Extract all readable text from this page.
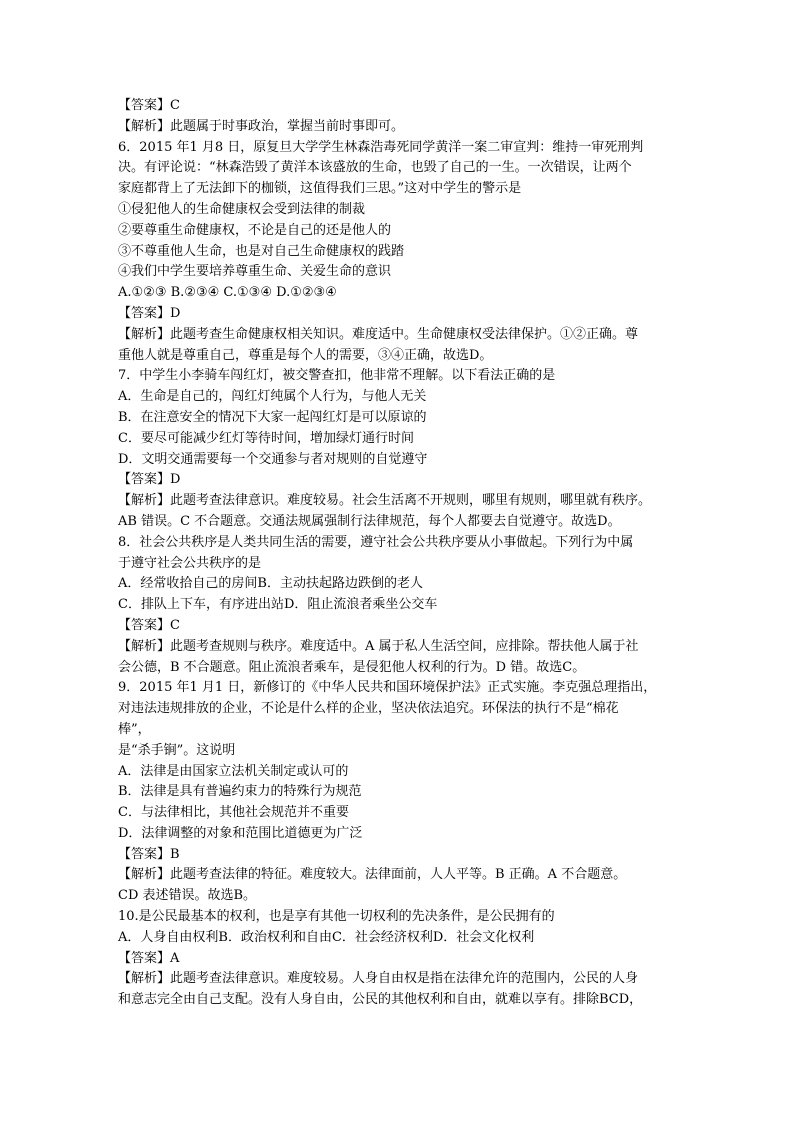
【答案】C
【解析】此题属于时事政治，掌握当前时事即可。
6．2015 年1 月8 日，原复旦大学学生林森浩毒死同学黄洋一案二审宣判：维持一审死刑判
决。有评论说：“林森浩毁了黄洋本该盛放的生命，也毁了自己的一生。一次错误，让两个
家庭都背上了无法卸下的枷锁，这值得我们三思。”这对中学生的警示是
①侵犯他人的生命健康权会受到法律的制裁
②要尊重生命健康权，不论是自己的还是他人的
③不尊重他人生命，也是对自己生命健康权的践踏
④我们中学生要培养尊重生命、关爱生命的意识
A.①②③ B.②③④ C.①③④ D.①②③④
【答案】D
【解析】此题考查生命健康权相关知识。难度适中。生命健康权受法律保护。①②正确。尊
重他人就是尊重自己，尊重是每个人的需要，③④正确，故选D。
7．中学生小李骑车闯红灯，被交警查扣，他非常不理解。以下看法正确的是
A．生命是自己的，闯红灯纯属个人行为，与他人无关
B．在注意安全的情况下大家一起闯红灯是可以原谅的
C．要尽可能减少红灯等待时间，增加绿灯通行时间
D．文明交通需要每一个交通参与者对规则的自觉遵守
【答案】D
【解析】此题考查法律意识。难度较易。社会生活离不开规则，哪里有规则，哪里就有秩序。
AB 错误。C 不合题意。交通法规属强制行法律规范，每个人都要去自觉遵守。故选D。
8．社会公共秩序是人类共同生活的需要，遵守社会公共秩序要从小事做起。下列行为中属
于遵守社会公共秩序的是
A．经常收拾自己的房间B．主动扶起路边跌倒的老人
C．排队上下车，有序进出站D．阻止流浪者乘坐公交车
【答案】C
【解析】此题考查规则与秩序。难度适中。A 属于私人生活空间，应排除。帮扶他人属于社
会公德，B 不合题意。阻止流浪者乘车，是侵犯他人权利的行为。D 错。故选C。
9．2015 年1 月1 日，新修订的《中华人民共和国环境保护法》正式实施。李克强总理指出，
对违法违规排放的企业，不论是什么样的企业，坚决依法追究。环保法的执行不是“棉花
棒”，
是“杀手锏”。这说明
A．法律是由国家立法机关制定或认可的
B．法律是具有普遍约束力的特殊行为规范
C．与法律相比，其他社会规范并不重要
D．法律调整的对象和范围比道德更为广泛
【答案】B
【解析】此题考查法律的特征。难度较大。法律面前，人人平等。B 正确。A 不合题意。
CD 表述错误。故选B。
10.是公民最基本的权利，也是享有其他一切权利的先决条件，是公民拥有的
A．人身自由权利B．政治权利和自由C．社会经济权利D．社会文化权利
【答案】A
【解析】此题考查法律意识。难度较易。人身自由权是指在法律允许的范围内，公民的人身
和意志完全由自己支配。没有人身自由，公民的其他权利和自由，就难以享有。排除BCD，
